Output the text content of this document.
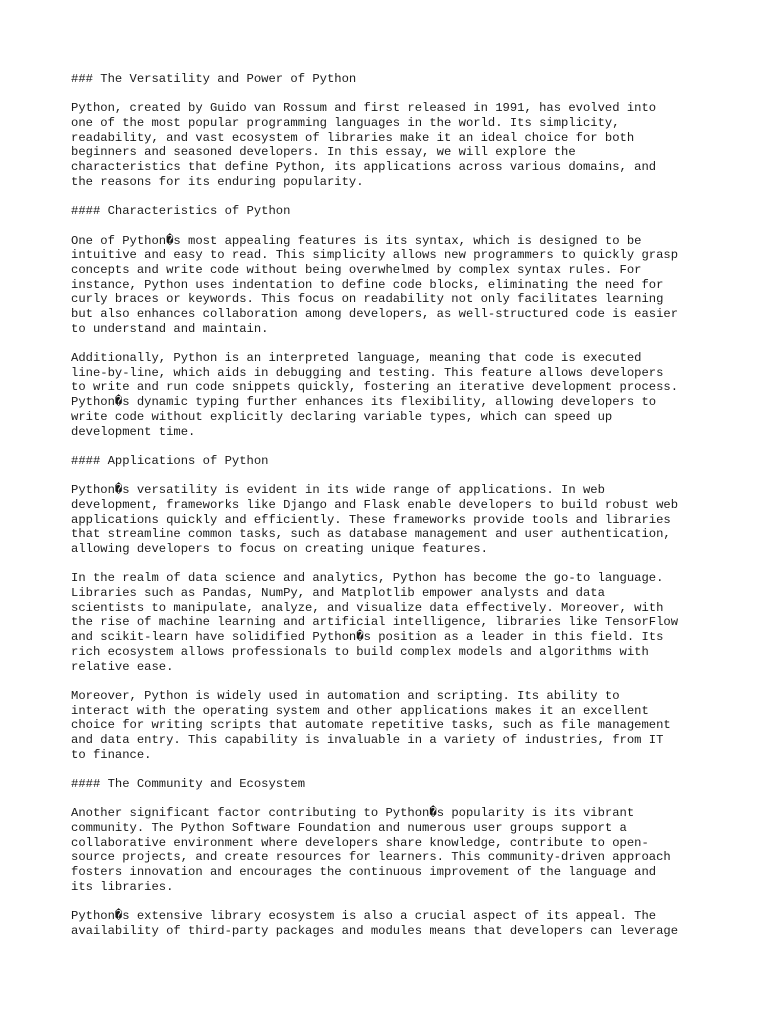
### The Versatility and Power of Python
Python, created by Guido van Rossum and first released in 1991, has evolved into
one of the most popular programming languages in the world. Its simplicity,
readability, and vast ecosystem of libraries make it an ideal choice for both
beginners and seasoned developers. In this essay, we will explore the
characteristics that define Python, its applications across various domains, and
the reasons for its enduring popularity.
#### Characteristics of Python
One of Python�s most appealing features is its syntax, which is designed to be
intuitive and easy to read. This simplicity allows new programmers to quickly grasp
concepts and write code without being overwhelmed by complex syntax rules. For
instance, Python uses indentation to define code blocks, eliminating the need for
curly braces or keywords. This focus on readability not only facilitates learning
but also enhances collaboration among developers, as well-structured code is easier
to understand and maintain.
Additionally, Python is an interpreted language, meaning that code is executed
line-by-line, which aids in debugging and testing. This feature allows developers
to write and run code snippets quickly, fostering an iterative development process.
Python�s dynamic typing further enhances its flexibility, allowing developers to
write code without explicitly declaring variable types, which can speed up
development time.
#### Applications of Python
Python�s versatility is evident in its wide range of applications. In web
development, frameworks like Django and Flask enable developers to build robust web
applications quickly and efficiently. These frameworks provide tools and libraries
that streamline common tasks, such as database management and user authentication,
allowing developers to focus on creating unique features.
In the realm of data science and analytics, Python has become the go-to language.
Libraries such as Pandas, NumPy, and Matplotlib empower analysts and data
scientists to manipulate, analyze, and visualize data effectively. Moreover, with
the rise of machine learning and artificial intelligence, libraries like TensorFlow
and scikit-learn have solidified Python�s position as a leader in this field. Its
rich ecosystem allows professionals to build complex models and algorithms with
relative ease.
Moreover, Python is widely used in automation and scripting. Its ability to
interact with the operating system and other applications makes it an excellent
choice for writing scripts that automate repetitive tasks, such as file management
and data entry. This capability is invaluable in a variety of industries, from IT
to finance.
#### The Community and Ecosystem
Another significant factor contributing to Python�s popularity is its vibrant
community. The Python Software Foundation and numerous user groups support a
collaborative environment where developers share knowledge, contribute to open-
source projects, and create resources for learners. This community-driven approach
fosters innovation and encourages the continuous improvement of the language and
its libraries.
Python�s extensive library ecosystem is also a crucial aspect of its appeal. The
availability of third-party packages and modules means that developers can leverage
